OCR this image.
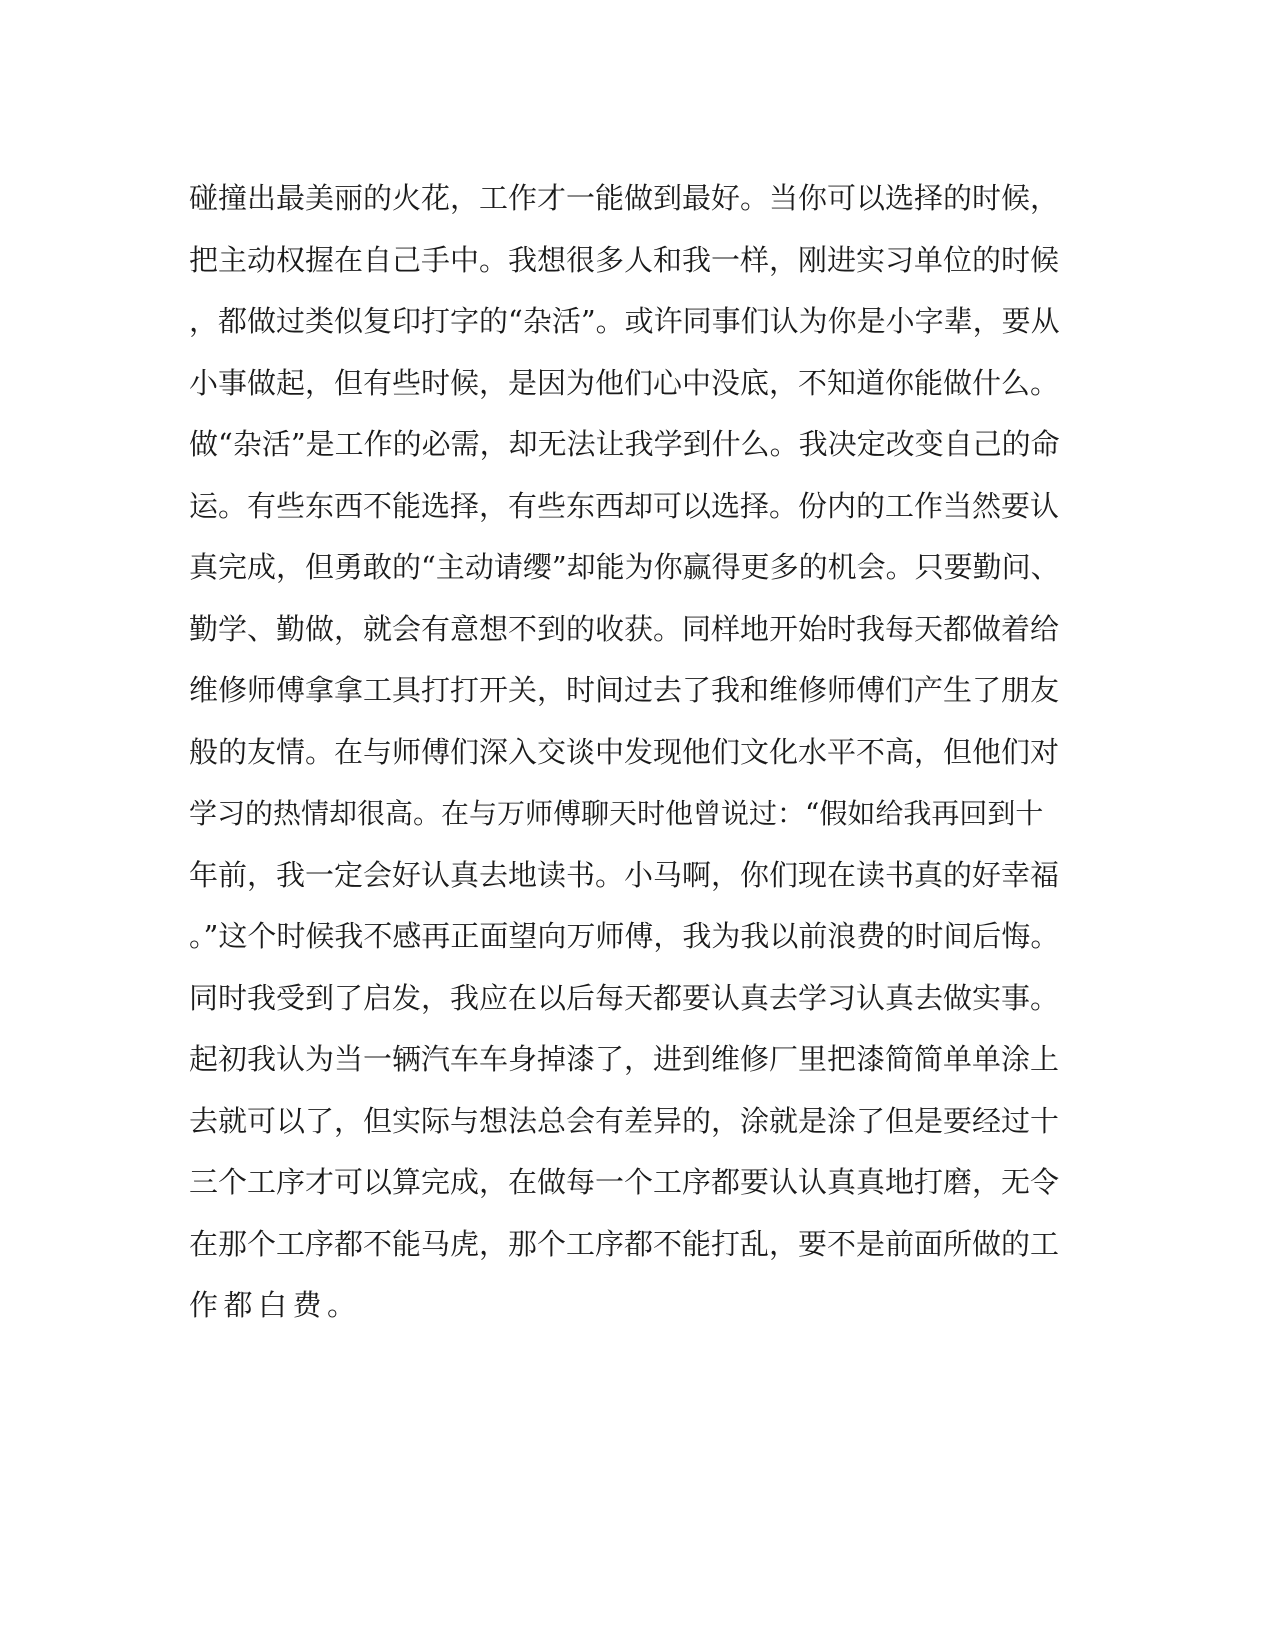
碰撞出最美丽的火花，工作才一能做到最好。当你可以选择的时候，
把主动权握在自己手中。我想很多人和我一样，刚进实习单位的时候
，都做过类似复印打字的“杂活”。或许同事们认为你是小字辈，要从
小事做起，但有些时候，是因为他们心中没底，不知道你能做什么。
做“杂活”是工作的必需，却无法让我学到什么。我决定改变自己的命
运。有些东西不能选择，有些东西却可以选择。份内的工作当然要认
真完成，但勇敢的“主动请缨”却能为你赢得更多的机会。只要勤问、
勤学、勤做，就会有意想不到的收获。同样地开始时我每天都做着给
维修师傅拿拿工具打打开关，时间过去了我和维修师傅们产生了朋友
般的友情。在与师傅们深入交谈中发现他们文化水平不高，但他们对
学习的热情却很高。在与万师傅聊天时他曾说过：“假如给我再回到十
年前，我一定会好认真去地读书。小马啊，你们现在读书真的好幸福
。”这个时候我不感再正面望向万师傅，我为我以前浪费的时间后悔。
同时我受到了启发，我应在以后每天都要认真去学习认真去做实事。
起初我认为当一辆汽车车身掉漆了，进到维修厂里把漆简简单单涂上
去就可以了，但实际与想法总会有差异的，涂就是涂了但是要经过十
三个工序才可以算完成，在做每一个工序都要认认真真地打磨，无令
在那个工序都不能马虎，那个工序都不能打乱，要不是前面所做的工
作都白费。
